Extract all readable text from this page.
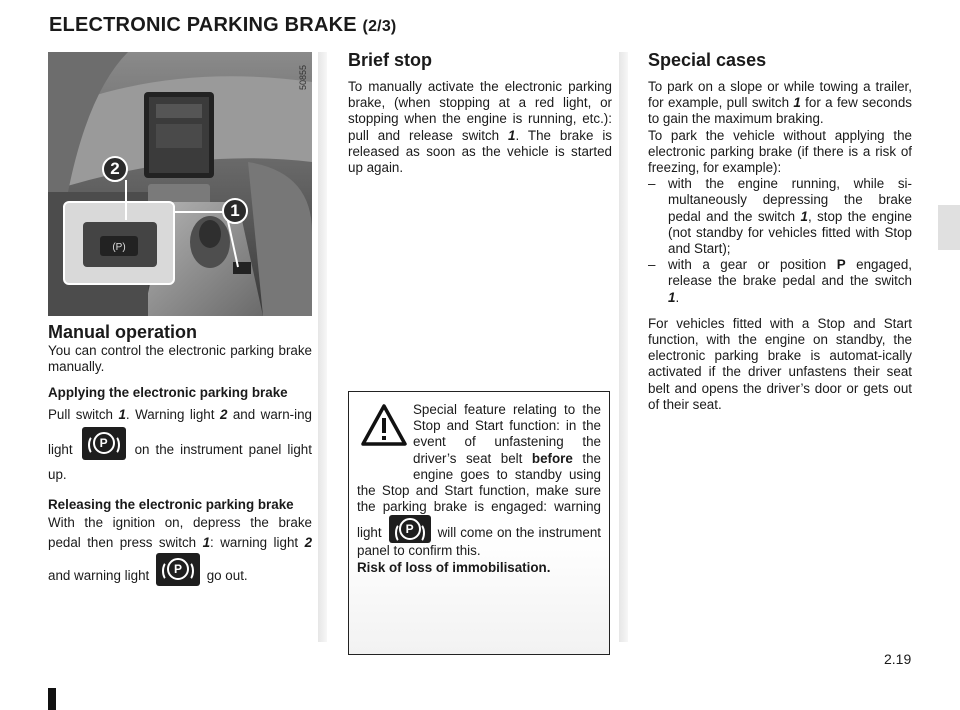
ELECTRONIC PARKING BRAKE (2/3)
(P)
2
1
50855

Manual operation

You can control the electronic parking brake manually.

Applying the electronic parking brake

Pull switch 1. Warning light 2 and warn-ing light	P	on the instrument panel light up.

Releasing the electronic parking brake

With the ignition on, depress the brake pedal then press switch 1: warning light 2 and warning light	P	go out.

Brief stop

To manually activate the electronic parking brake, (when stopping at a red light, or stopping when the engine is running, etc.): pull and release switch 1. The brake is released as soon as the vehicle is started up again.

Special feature relating to the Stop and Start function: in the event of unfastening the driver’s seat belt before the engine goes to standby using the Stop and Start function, make sure the parking brake is engaged: warning light	P	will come on the instrument panel to confirm this.
Risk of loss of immobilisation.

Special cases

To park on a slope or while towing a trailer, for example, pull switch 1 for a few seconds to gain the maximum braking.

To park the vehicle without applying the electronic parking brake (if there is a risk of freezing, for example):

– with the engine running, while si-multaneously depressing the brake pedal and the switch 1, stop the engine (not standby for vehicles fitted with Stop and Start);
– with a gear or position P engaged, release the brake pedal and the switch 1.

For vehicles fitted with a Stop and Start function, with the engine on standby, the electronic parking brake is automat-ically activated if the driver unfastens their seat belt and opens the driver’s door or gets out of their seat.

2.19
